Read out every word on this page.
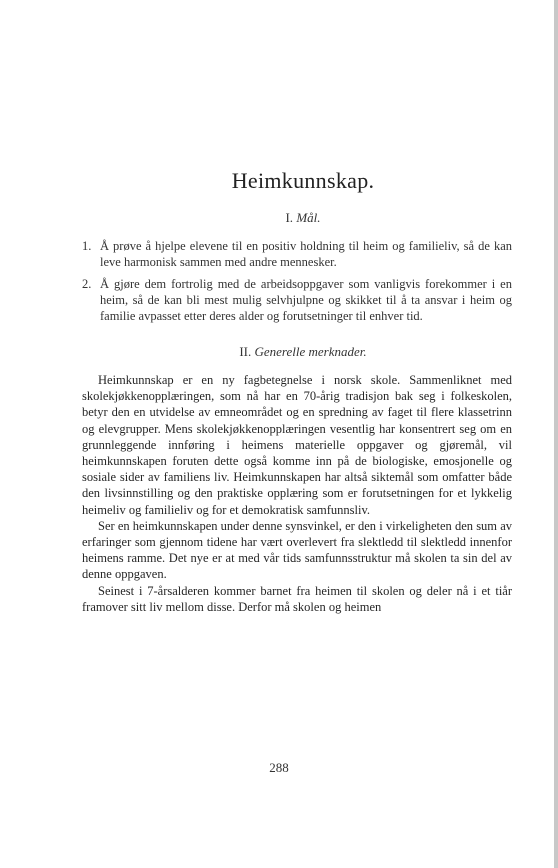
Heimkunnskap.
I. Mål.
1. Å prøve å hjelpe elevene til en positiv holdning til heim og familieliv, så de kan leve harmonisk sammen med andre mennesker.
2. Å gjøre dem fortrolig med de arbeidsoppgaver som vanligvis forekommer i en heim, så de kan bli mest mulig selvhjulpne og skikket til å ta ansvar i heim og familie avpasset etter deres alder og forutsetninger til enhver tid.
II. Generelle merknader.

Heimkunnskap er en ny fagbetegnelse i norsk skole. Sammenliknet med skolekjøkkenopplæringen, som nå har en 70-årig tradisjon bak seg i folkeskolen, betyr den en utvidelse av emneområdet og en spredning av faget til flere klassetrinn og elevgrupper. Mens skolekjøkkenopplæringen vesentlig har konsentrert seg om en grunnleggende innføring i heimens materielle oppgaver og gjøremål, vil heimkunnskapen foruten dette også komme inn på de biologiske, emosjonelle og sosiale sider av familiens liv. Heimkunnskapen har altså siktemål som omfatter både den livsinnstilling og den praktiske opplæring som er forutsetningen for et lykkelig heimeliv og familieliv og for et demokratisk samfunnsliv.

Ser en heimkunnskapen under denne synsvinkel, er den i virkeligheten den sum av erfaringer som gjennom tidene har vært overlevert fra slektledd til slektledd innenfor heimens ramme. Det nye er at med vår tids samfunnsstruktur må skolen ta sin del av denne oppgaven.

Seinest i 7-årsalderen kommer barnet fra heimen til skolen og deler nå i et tiår framover sitt liv mellom disse. Derfor må skolen og heimen

288
